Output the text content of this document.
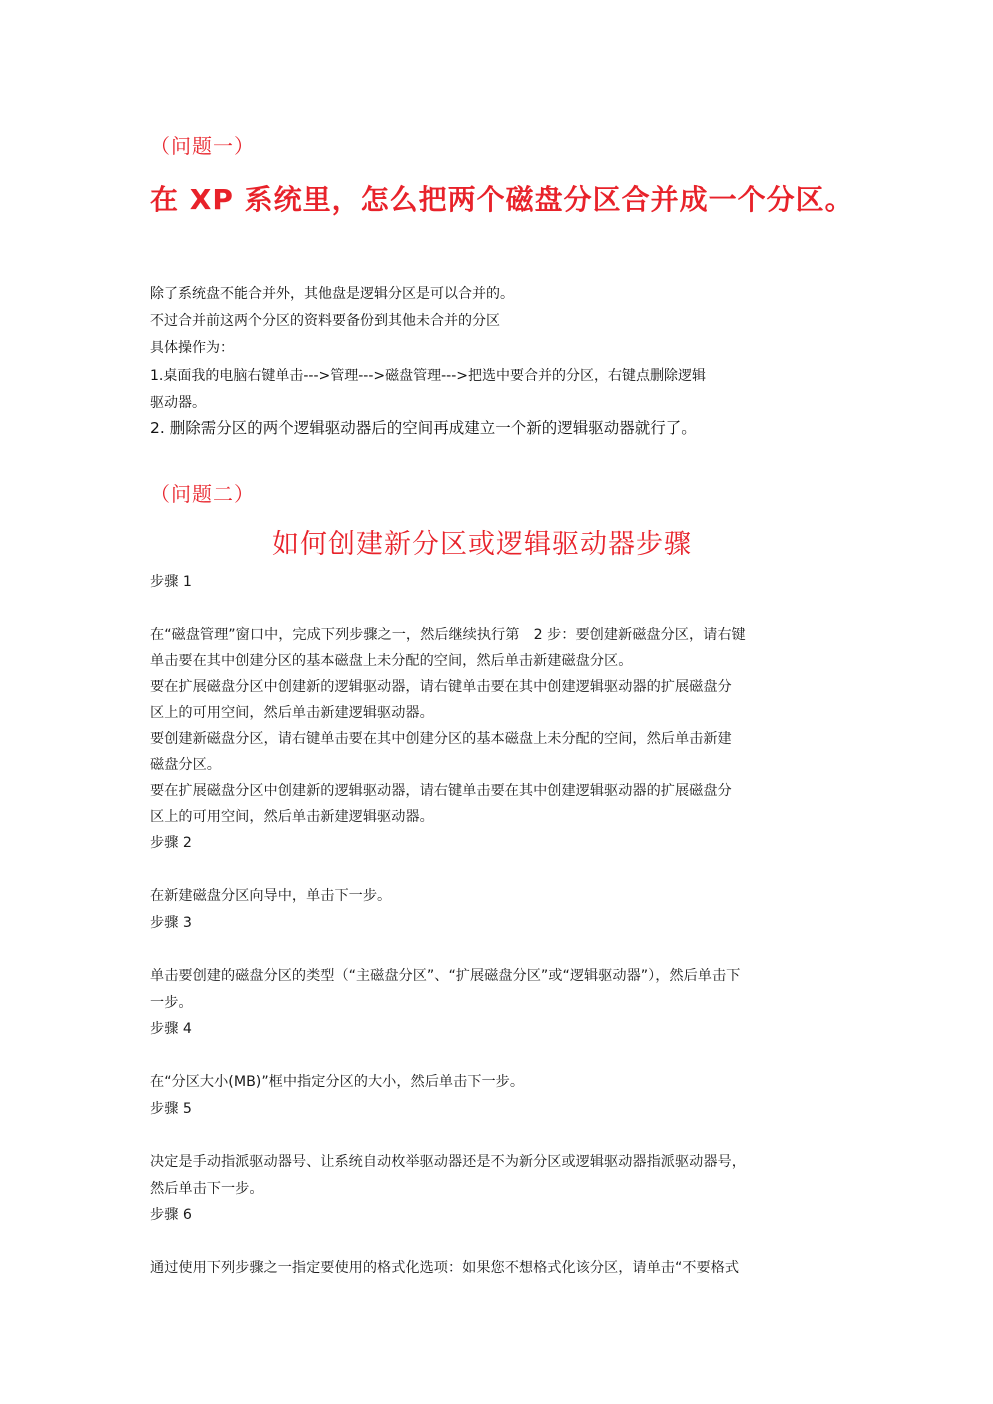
（问题一）
在 XP 系统里，怎么把两个磁盘分区合并成一个分区。
除了系统盘不能合并外，其他盘是逻辑分区是可以合并的。
不过合并前这两个分区的资料要备份到其他未合并的分区
具体操作为：
1.桌面我的电脑右键单击--->管理--->磁盘管理--->把选中要合并的分区，右键点删除逻辑
驱动器。
2. 删除需分区的两个逻辑驱动器后的空间再成建立一个新的逻辑驱动器就行了。
（问题二）
如何创建新分区或逻辑驱动器步骤
步骤 1
在“磁盘管理”窗口中，完成下列步骤之一，然后继续执行第　2 步：要创建新磁盘分区，请右键
单击要在其中创建分区的基本磁盘上未分配的空间，然后单击新建磁盘分区。
要在扩展磁盘分区中创建新的逻辑驱动器，请右键单击要在其中创建逻辑驱动器的扩展磁盘分
区上的可用空间，然后单击新建逻辑驱动器。
要创建新磁盘分区，请右键单击要在其中创建分区的基本磁盘上未分配的空间，然后单击新建
磁盘分区。
要在扩展磁盘分区中创建新的逻辑驱动器，请右键单击要在其中创建逻辑驱动器的扩展磁盘分
区上的可用空间，然后单击新建逻辑驱动器。
步骤 2
在新建磁盘分区向导中，单击下一步。
步骤 3
单击要创建的磁盘分区的类型（“主磁盘分区”、“扩展磁盘分区”或“逻辑驱动器”），然后单击下
一步。
步骤 4
在“分区大小(MB)”框中指定分区的大小，然后单击下一步。
步骤 5
决定是手动指派驱动器号、让系统自动枚举驱动器还是不为新分区或逻辑驱动器指派驱动器号，
然后单击下一步。
步骤 6
通过使用下列步骤之一指定要使用的格式化选项：如果您不想格式化该分区，请单击“不要格式
